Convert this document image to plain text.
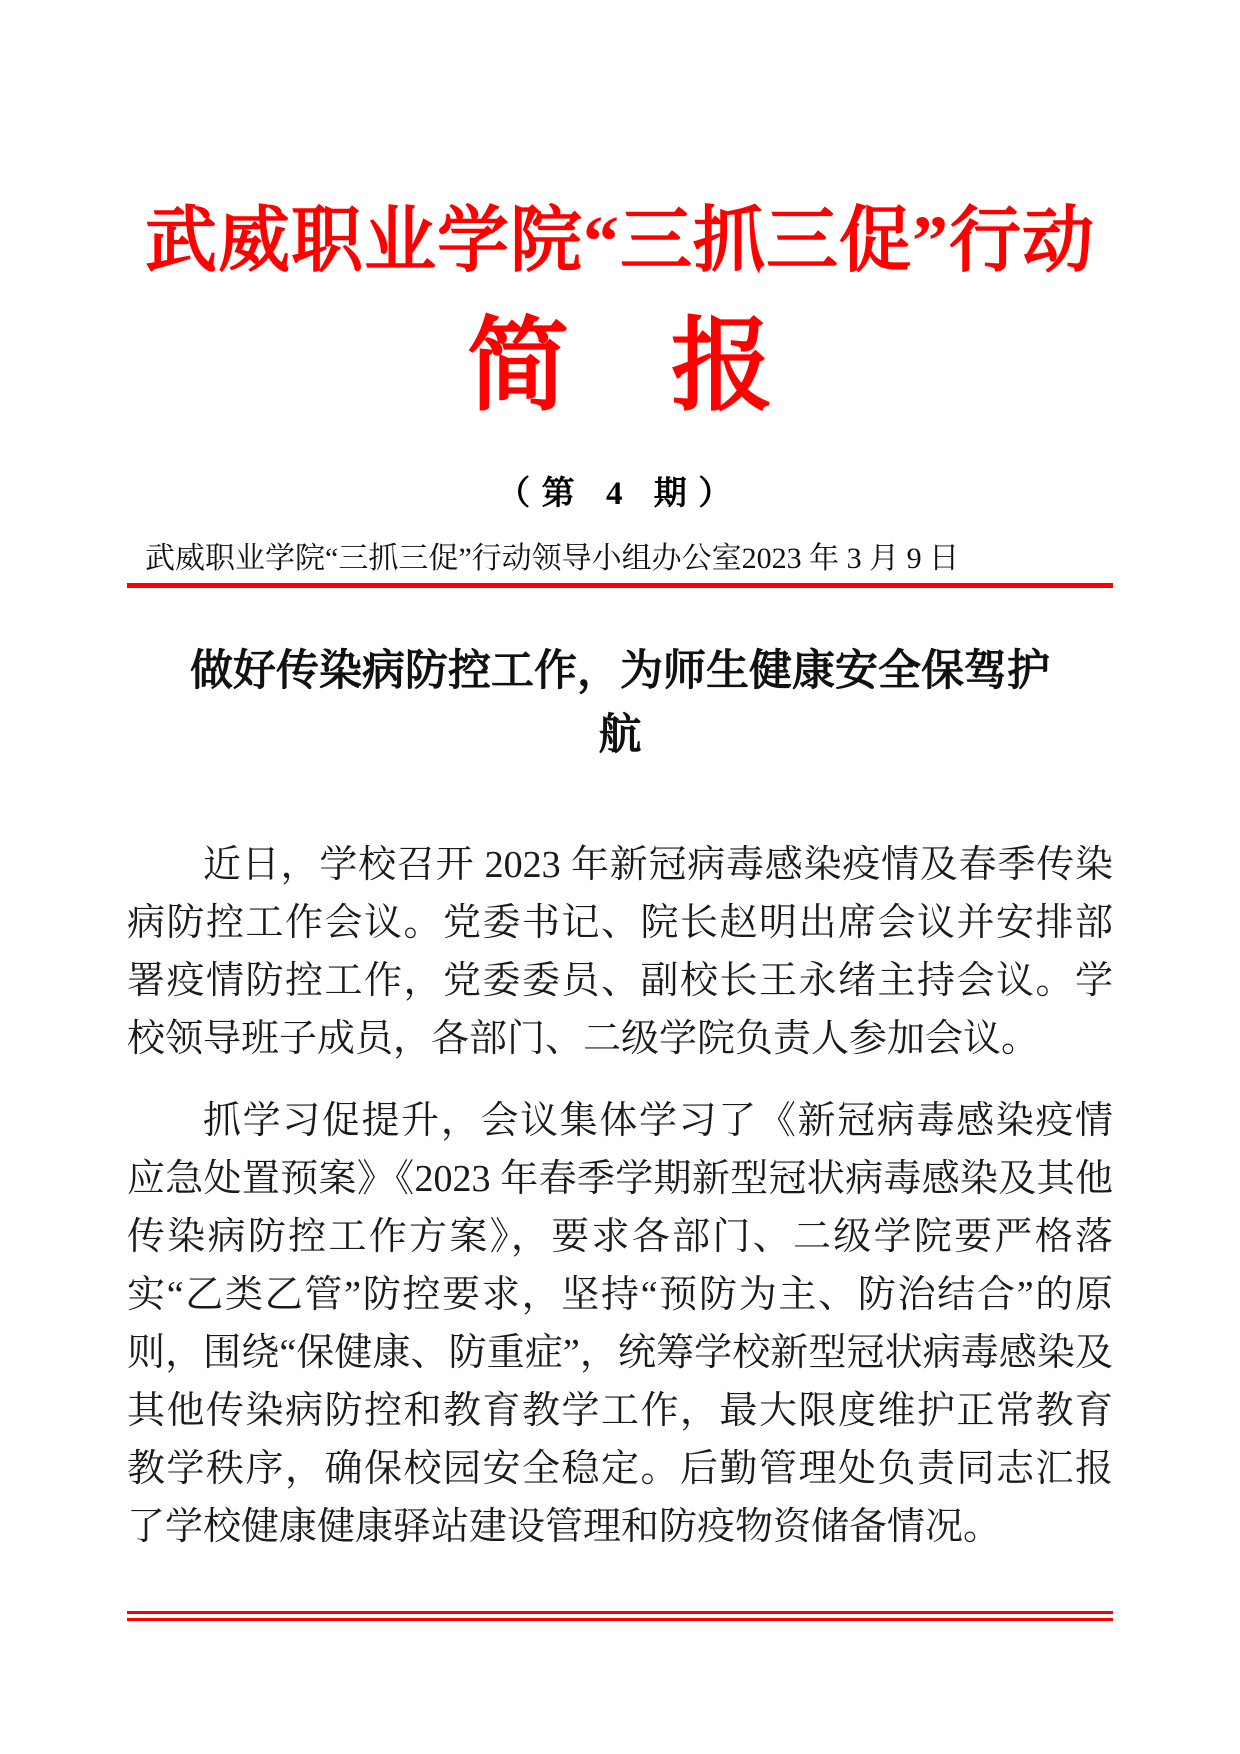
武威职业学院“三抓三促”行动
简　报
（第 4 期）
武威职业学院“三抓三促”行动领导小组办公室 2023 年 3 月 9 日
做好传染病防控工作，为师生健康安全保驾护航

近日，学校召开 2023 年新冠病毒感染疫情及春季传染病防控工作会议。党委书记、院长赵明出席会议并安排部署疫情防控工作，党委委员、副校长王永绪主持会议。学校领导班子成员，各部门、二级学院负责人参加会议。

抓学习促提升，会议集体学习了《新冠病毒感染疫情应急处置预案》《2023 年春季学期新型冠状病毒感染及其他传染病防控工作方案》，要求各部门、二级学院要严格落实“乙类乙管”防控要求，坚持“预防为主、防治结合”的原则，围绕“保健康、防重症”，统筹学校新型冠状病毒感染及其他传染病防控和教育教学工作，最大限度维护正常教育教学秩序，确保校园安全稳定。后勤管理处负责同志汇报了学校健康健康驿站建设管理和防疫物资储备情况。
